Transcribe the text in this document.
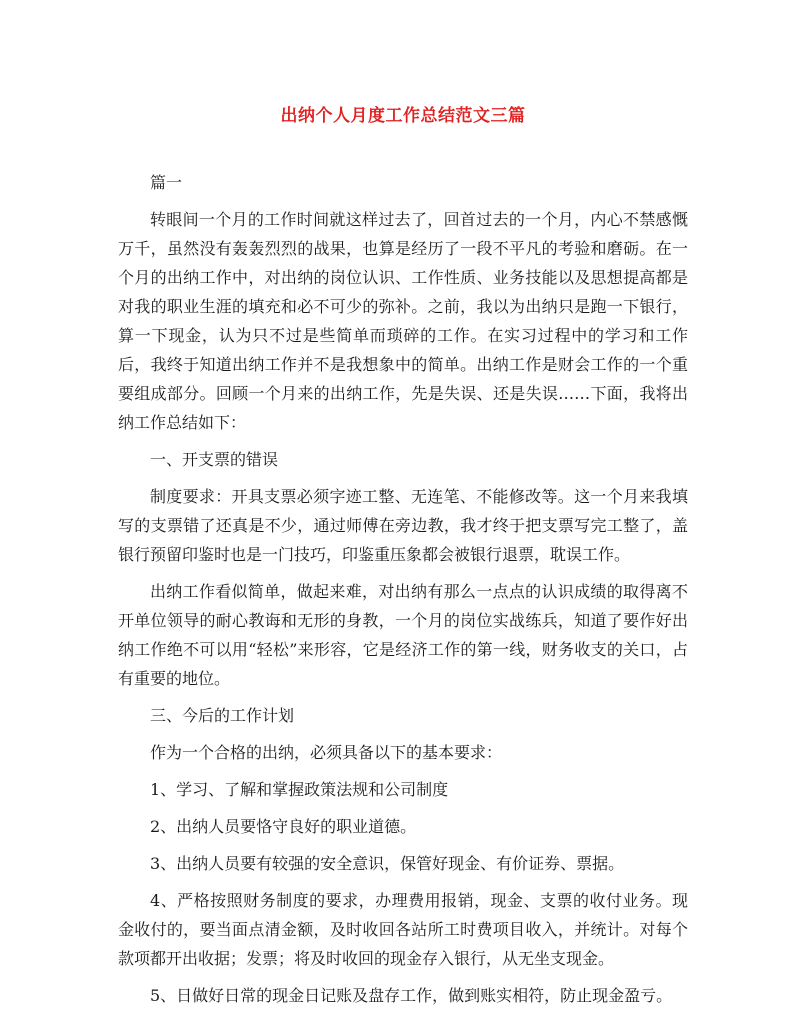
出纳个人月度工作总结范文三篇

篇一

转眼间一个月的工作时间就这样过去了，回首过去的一个月，内心不禁感慨万千，虽然没有轰轰烈烈的战果，也算是经历了一段不平凡的考验和磨砺。在一个月的出纳工作中，对出纳的岗位认识、工作性质、业务技能以及思想提高都是对我的职业生涯的填充和必不可少的弥补。之前，我以为出纳只是跑一下银行，算一下现金，认为只不过是些简单而琐碎的工作。在实习过程中的学习和工作后，我终于知道出纳工作并不是我想象中的简单。出纳工作是财会工作的一个重要组成部分。回顾一个月来的出纳工作，先是失误、还是失误……下面，我将出纳工作总结如下：

一、开支票的错误

制度要求：开具支票必须字迹工整、无连笔、不能修改等。这一个月来我填写的支票错了还真是不少，通过师傅在旁边教，我才终于把支票写完工整了，盖银行预留印鉴时也是一门技巧，印鉴重压象都会被银行退票，耽误工作。

出纳工作看似简单，做起来难，对出纳有那么一点点的认识成绩的取得离不开单位领导的耐心教诲和无形的身教，一个月的岗位实战练兵，知道了要作好出纳工作绝不可以用“轻松”来形容，它是经济工作的第一线，财务收支的关口，占有重要的地位。

三、今后的工作计划

作为一个合格的出纳，必须具备以下的基本要求：

1、学习、了解和掌握政策法规和公司制度

2、出纳人员要恪守良好的职业道德。

3、出纳人员要有较强的安全意识，保管好现金、有价证券、票据。

4、严格按照财务制度的要求，办理费用报销，现金、支票的收付业务。现金收付的，要当面点清金额，及时收回各站所工时费项目收入，并统计。对每个款项都开出收据；发票；将及时收回的现金存入银行，从无坐支现金。

5、日做好日常的现金日记账及盘存工作，做到账实相符，防止现金盈亏。
